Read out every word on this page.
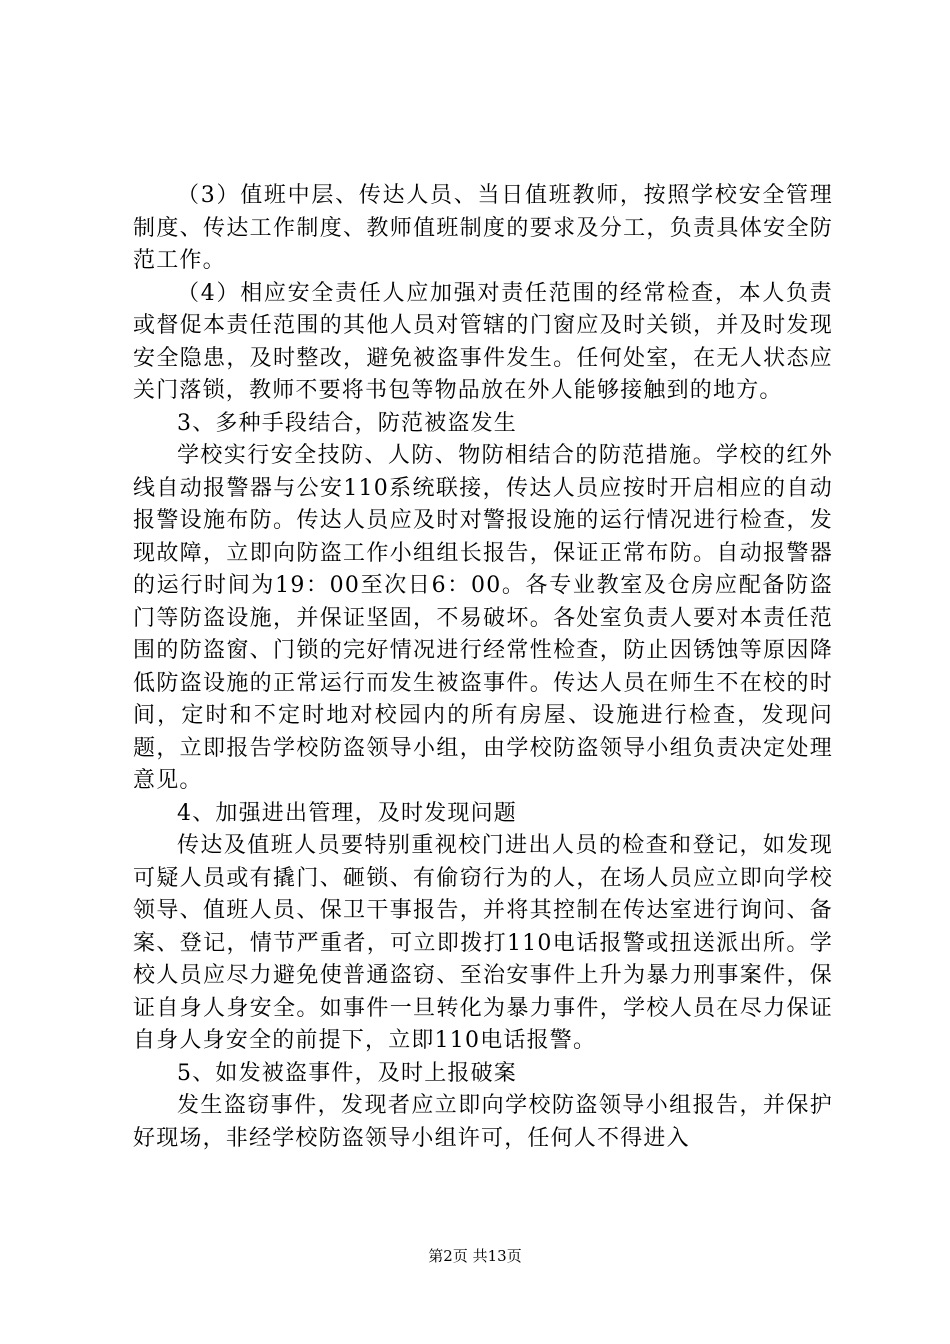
（3）值班中层、传达人员、当日值班教师，按照学校安全管理制度、传达工作制度、教师值班制度的要求及分工，负责具体安全防范工作。

（4）相应安全责任人应加强对责任范围的经常检查，本人负责或督促本责任范围的其他人员对管辖的门窗应及时关锁，并及时发现安全隐患，及时整改，避免被盗事件发生。任何处室，在无人状态应关门落锁，教师不要将书包等物品放在外人能够接触到的地方。

3、多种手段结合，防范被盗发生

学校实行安全技防、人防、物防相结合的防范措施。学校的红外线自动报警器与公安110系统联接，传达人员应按时开启相应的自动报警设施布防。传达人员应及时对警报设施的运行情况进行检查，发现故障，立即向防盗工作小组组长报告，保证正常布防。自动报警器的运行时间为19：00至次日6：00。各专业教室及仓房应配备防盗门等防盗设施，并保证坚固，不易破坏。各处室负责人要对本责任范围的防盗窗、门锁的完好情况进行经常性检查，防止因锈蚀等原因降低防盗设施的正常运行而发生被盗事件。传达人员在师生不在校的时间，定时和不定时地对校园内的所有房屋、设施进行检查，发现问题，立即报告学校防盗领导小组，由学校防盗领导小组负责决定处理意见。

4、加强进出管理，及时发现问题

传达及值班人员要特别重视校门进出人员的检查和登记，如发现可疑人员或有撬门、砸锁、有偷窃行为的人，在场人员应立即向学校领导、值班人员、保卫干事报告，并将其控制在传达室进行询问、备案、登记，情节严重者，可立即拨打110电话报警或扭送派出所。学校人员应尽力避免使普通盗窃、至治安事件上升为暴力刑事案件，保证自身人身安全。如事件一旦转化为暴力事件，学校人员在尽力保证自身人身安全的前提下，立即110电话报警。

5、如发被盗事件，及时上报破案

发生盗窃事件，发现者应立即向学校防盗领导小组报告，并保护好现场，非经学校防盗领导小组许可，任何人不得进入

第2页 共13页
